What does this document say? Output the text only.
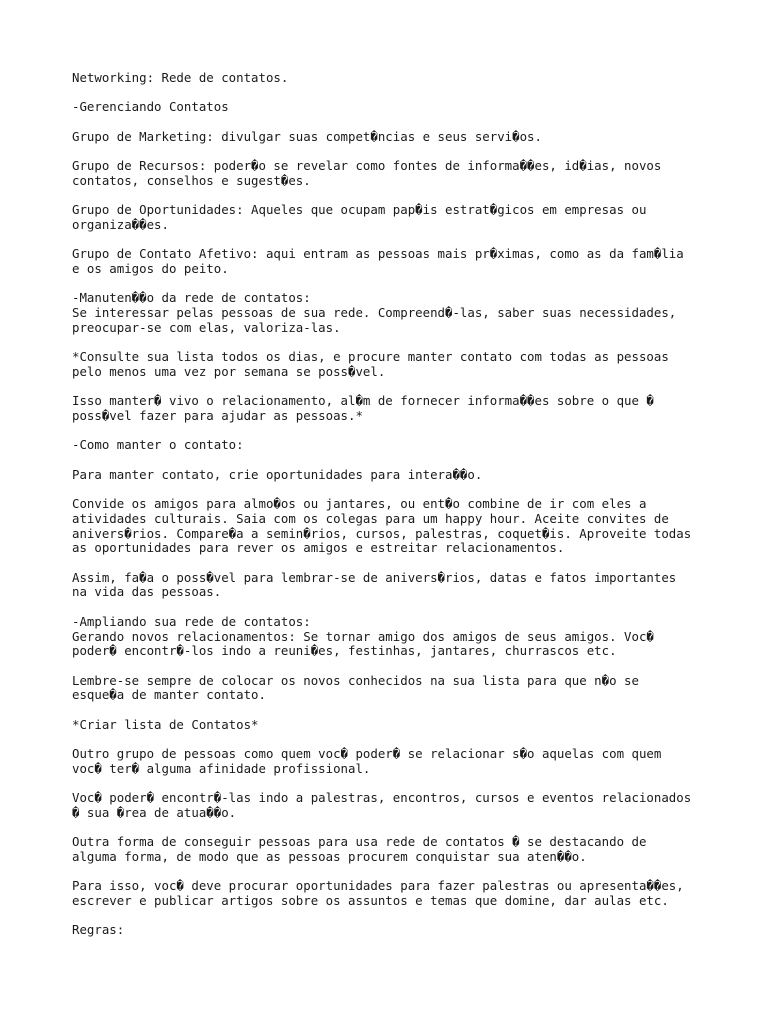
Networking: Rede de contatos.
-Gerenciando Contatos
Grupo de Marketing: divulgar suas compet�ncias e seus servi�os.
Grupo de Recursos: poder�o se revelar como fontes de informa��es, id�ias, novos
contatos, conselhos e sugest�es.
Grupo de Oportunidades: Aqueles que ocupam pap�is estrat�gicos em empresas ou
organiza��es.
Grupo de Contato Afetivo: aqui entram as pessoas mais pr�ximas, como as da fam�lia
e os amigos do peito.
-Manuten��o da rede de contatos:
Se interessar pelas pessoas de sua rede. Compreend�-las, saber suas necessidades,
preocupar-se com elas, valoriza-las.
*Consulte sua lista todos os dias, e procure manter contato com todas as pessoas
pelo menos uma vez por semana se poss�vel.
Isso manter� vivo o relacionamento, al�m de fornecer informa��es sobre o que �
poss�vel fazer para ajudar as pessoas.*
-Como manter o contato:
Para manter contato, crie oportunidades para intera��o.
Convide os amigos para almo�os ou jantares, ou ent�o combine de ir com eles a
atividades culturais. Saia com os colegas para um happy hour. Aceite convites de
anivers�rios. Compare�a a semin�rios, cursos, palestras, coquet�is. Aproveite todas
as oportunidades para rever os amigos e estreitar relacionamentos.
Assim, fa�a o poss�vel para lembrar-se de anivers�rios, datas e fatos importantes
na vida das pessoas.
-Ampliando sua rede de contatos:
Gerando novos relacionamentos: Se tornar amigo dos amigos de seus amigos. Voc�
poder� encontr�-los indo a reuni�es, festinhas, jantares, churrascos etc.
Lembre-se sempre de colocar os novos conhecidos na sua lista para que n�o se
esque�a de manter contato.
*Criar lista de Contatos*
Outro grupo de pessoas como quem voc� poder� se relacionar s�o aquelas com quem
voc� ter� alguma afinidade profissional.
Voc� poder� encontr�-las indo a palestras, encontros, cursos e eventos relacionados
� sua �rea de atua��o.
Outra forma de conseguir pessoas para usa rede de contatos � se destacando de
alguma forma, de modo que as pessoas procurem conquistar sua aten��o.
Para isso, voc� deve procurar oportunidades para fazer palestras ou apresenta��es,
escrever e publicar artigos sobre os assuntos e temas que domine, dar aulas etc.
Regras:
